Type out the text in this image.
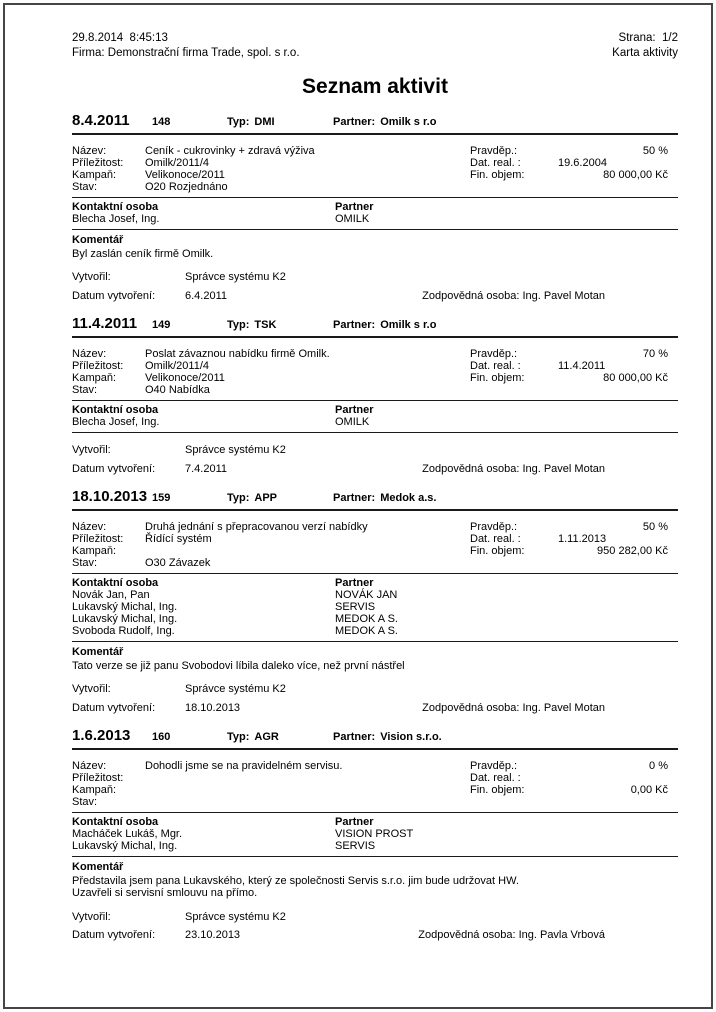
29.8.2014  8:45:13	Strana:  1/2
Firma: Demonstrační firma Trade, spol. s r.o.	Karta aktivity
Seznam aktivit
8.4.2011	148	Typ: DMI	Partner: Omilk s r.o
Název:	Ceník - cukrovinky + zdravá výživa	Pravděp.:	50 %
Příležitost:	Omilk/2011/4	Dat. real. :	19.6.2004
Kampaň:	Velikonoce/2011	Fin. objem:	80 000,00 Kč
Stav:	O20 Rozjednáno
Kontaktní osoba	Partner
Blecha Josef, Ing.	OMILK
Komentář
Byl zaslán ceník firmě Omilk.
Vytvořil:	Správce systému K2
Datum vytvoření:	6.4.2011	Zodpovědná osoba: Ing. Pavel Motan
11.4.2011	149	Typ: TSK	Partner: Omilk s r.o
Název:	Poslat závaznou nabídku firmě Omilk.	Pravděp.:	70 %
Příležitost:	Omilk/2011/4	Dat. real. :	11.4.2011
Kampaň:	Velikonoce/2011	Fin. objem:	80 000,00 Kč
Stav:	O40 Nabídka
Kontaktní osoba	Partner
Blecha Josef, Ing.	OMILK
Vytvořil:	Správce systému K2
Datum vytvoření:	7.4.2011	Zodpovědná osoba: Ing. Pavel Motan
18.10.2013 159	Typ: APP	Partner: Medok a.s.
Název:	Druhá jednání s přepracovanou verzí nabídky	Pravděp.:	50 %
Příležitost:	Řídící systém	Dat. real. :	1.11.2013
Kampaň:	Fin. objem:	950 282,00 Kč
Stav:	O30 Závazek
Kontaktní osoba	Partner
Novák Jan, Pan	NOVÁK JAN
Lukavský Michal, Ing.	SERVIS
Lukavský Michal, Ing.	MEDOK A S.
Svoboda Rudolf, Ing.	MEDOK A S.
Komentář
Tato verze se již panu Svobodovi líbila daleko více, než první nástřel
Vytvořil:	Správce systému K2
Datum vytvoření:	18.10.2013	Zodpovědná osoba: Ing. Pavel Motan
1.6.2013	160	Typ: AGR	Partner: Vision s.r.o.
Název:	Dohodli jsme se na pravidelném servisu.	Pravděp.:	0 %
Příležitost:	Dat. real. :
Kampaň:	Fin. objem:	0,00 Kč
Stav:
Kontaktní osoba	Partner
Macháček Lukáš, Mgr.	VISION PROST
Lukavský Michal, Ing.	SERVIS
Komentář
Představila jsem pana Lukavského, který ze společnosti Servis s.r.o. jim bude udržovat HW.
Uzavřeli si servisní smlouvu na přímo.
Vytvořil:	Správce systému K2
Datum vytvoření:	23.10.2013	Zodpovědná osoba: Ing. Pavla Vrbová
